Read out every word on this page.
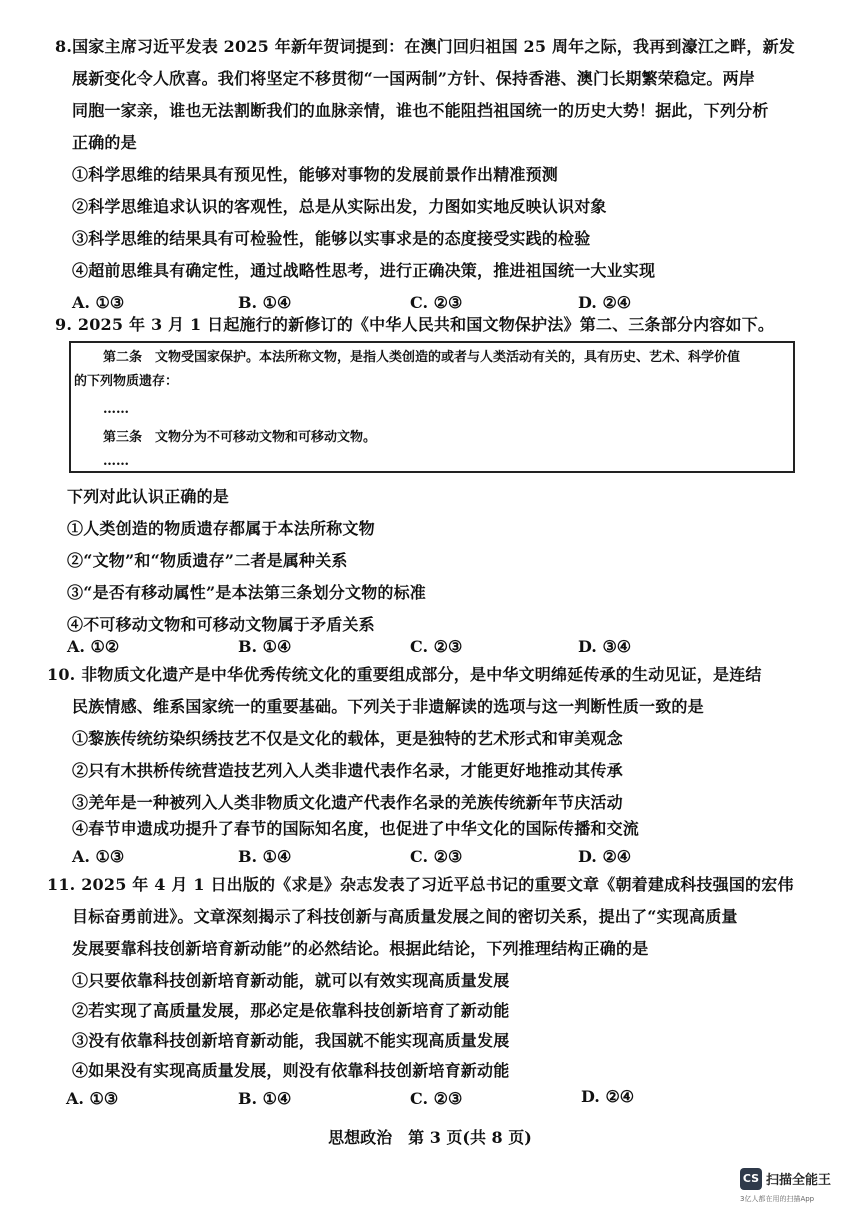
8.国家主席习近平发表 2025 年新年贺词提到：在澳门回归祖国 25 周年之际，我再到濠江之畔，新发
展新变化令人欣喜。我们将坚定不移贯彻“一国两制”方针、保持香港、澳门长期繁荣稳定。两岸
同胞一家亲，谁也无法割断我们的血脉亲情，谁也不能阻挡祖国统一的历史大势！据此，下列分析
正确的是
①科学思维的结果具有预见性，能够对事物的发展前景作出精准预测
②科学思维追求认识的客观性，总是从实际出发，力图如实地反映认识对象
③科学思维的结果具有可检验性，能够以实事求是的态度接受实践的检验
④超前思维具有确定性，通过战略性思考，进行正确决策，推进祖国统一大业实现
A. ①③	B. ①④	C. ②③	D. ②④
9. 2025 年 3 月 1 日起施行的新修订的《中华人民共和国文物保护法》第二、三条部分内容如下。
第二条　文物受国家保护。本法所称文物，是指人类创造的或者与人类活动有关的，具有历史、艺术、科学价值
的下列物质遗存：
……
第三条　文物分为不可移动文物和可移动文物。
……
下列对此认识正确的是
①人类创造的物质遗存都属于本法所称文物
②“文物”和“物质遗存”二者是属种关系
③“是否有移动属性”是本法第三条划分文物的标准
④不可移动文物和可移动文物属于矛盾关系
A. ①②	B. ①④	C. ②③	D. ③④
10. 非物质文化遗产是中华优秀传统文化的重要组成部分，是中华文明绵延传承的生动见证，是连结
民族情感、维系国家统一的重要基础。下列关于非遗解读的选项与这一判断性质一致的是
①黎族传统纺染织绣技艺不仅是文化的载体，更是独特的艺术形式和审美观念
②只有木拱桥传统营造技艺列入人类非遗代表作名录，才能更好地推动其传承
③羌年是一种被列入人类非物质文化遗产代表作名录的羌族传统新年节庆活动
④春节申遗成功提升了春节的国际知名度，也促进了中华文化的国际传播和交流
A. ①③	B. ①④	C. ②③	D. ②④
11. 2025 年 4 月 1 日出版的《求是》杂志发表了习近平总书记的重要文章《朝着建成科技强国的宏伟
目标奋勇前进》。文章深刻揭示了科技创新与高质量发展之间的密切关系，提出了“实现高质量
发展要靠科技创新培育新动能”的必然结论。根据此结论，下列推理结构正确的是
①只要依靠科技创新培育新动能，就可以有效实现高质量发展
②若实现了高质量发展，那必定是依靠科技创新培育了新动能
③没有依靠科技创新培育新动能，我国就不能实现高质量发展
④如果没有实现高质量发展，则没有依靠科技创新培育新动能
A. ①③	B. ①④	C. ②③	D. ②④
思想政治　第 3 页(共 8 页)
CS 扫描全能王
3亿人都在用的扫描App
